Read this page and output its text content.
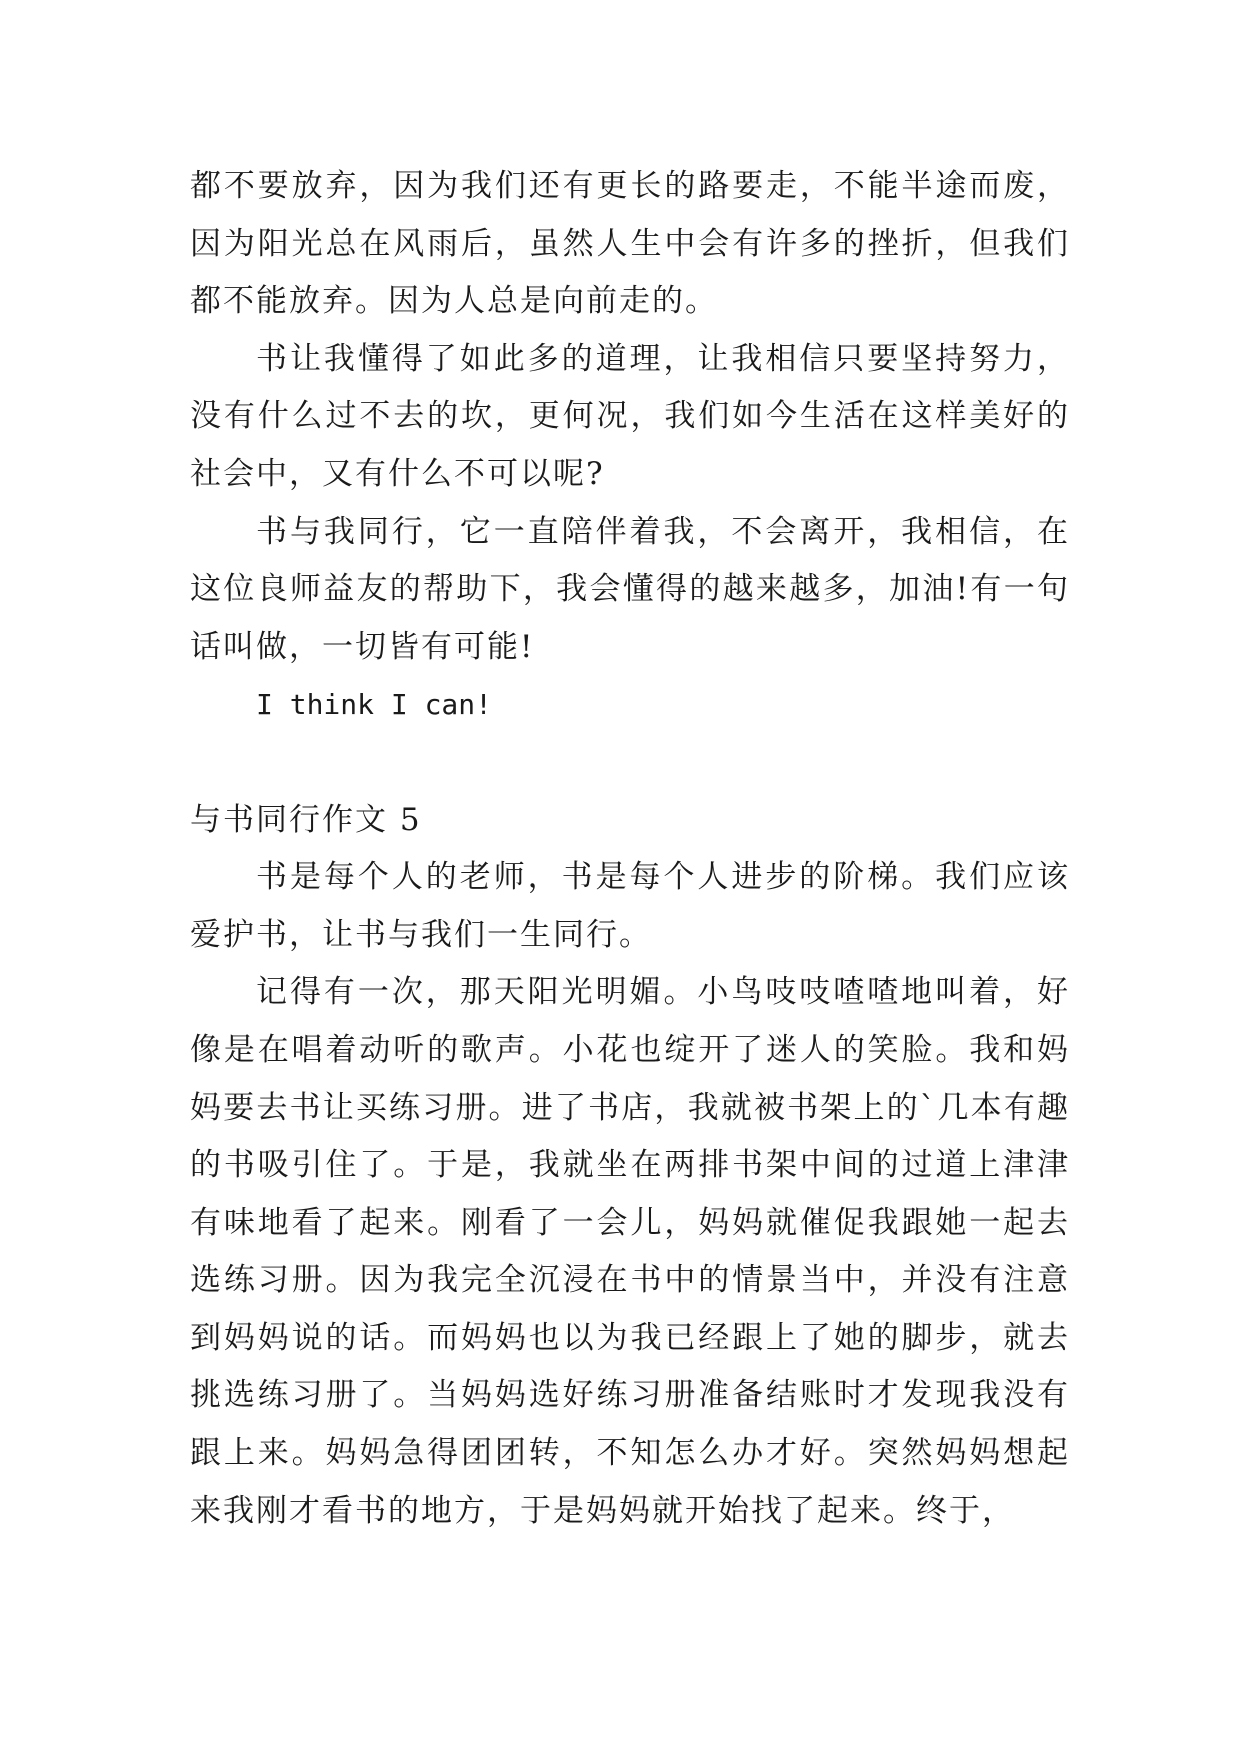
都不要放弃，因为我们还有更长的路要走，不能半途而废，因为阳光总在风雨后，虽然人生中会有许多的挫折，但我们都不能放弃。因为人总是向前走的。

书让我懂得了如此多的道理，让我相信只要坚持努力，没有什么过不去的坎，更何况，我们如今生活在这样美好的社会中，又有什么不可以呢?

书与我同行，它一直陪伴着我，不会离开，我相信，在这位良师益友的帮助下，我会懂得的越来越多，加油!有一句话叫做，一切皆有可能!

I think I can!

与书同行作文 5

书是每个人的老师，书是每个人进步的阶梯。我们应该爱护书，让书与我们一生同行。

记得有一次，那天阳光明媚。小鸟吱吱喳喳地叫着，好像是在唱着动听的歌声。小花也绽开了迷人的笑脸。我和妈妈要去书让买练习册。进了书店，我就被书架上的`几本有趣的书吸引住了。于是，我就坐在两排书架中间的过道上津津有味地看了起来。刚看了一会儿，妈妈就催促我跟她一起去选练习册。因为我完全沉浸在书中的情景当中，并没有注意到妈妈说的话。而妈妈也以为我已经跟上了她的脚步，就去挑选练习册了。当妈妈选好练习册准备结账时才发现我没有跟上来。妈妈急得团团转，不知怎么办才好。突然妈妈想起来我刚才看书的地方，于是妈妈就开始找了起来。终于，
